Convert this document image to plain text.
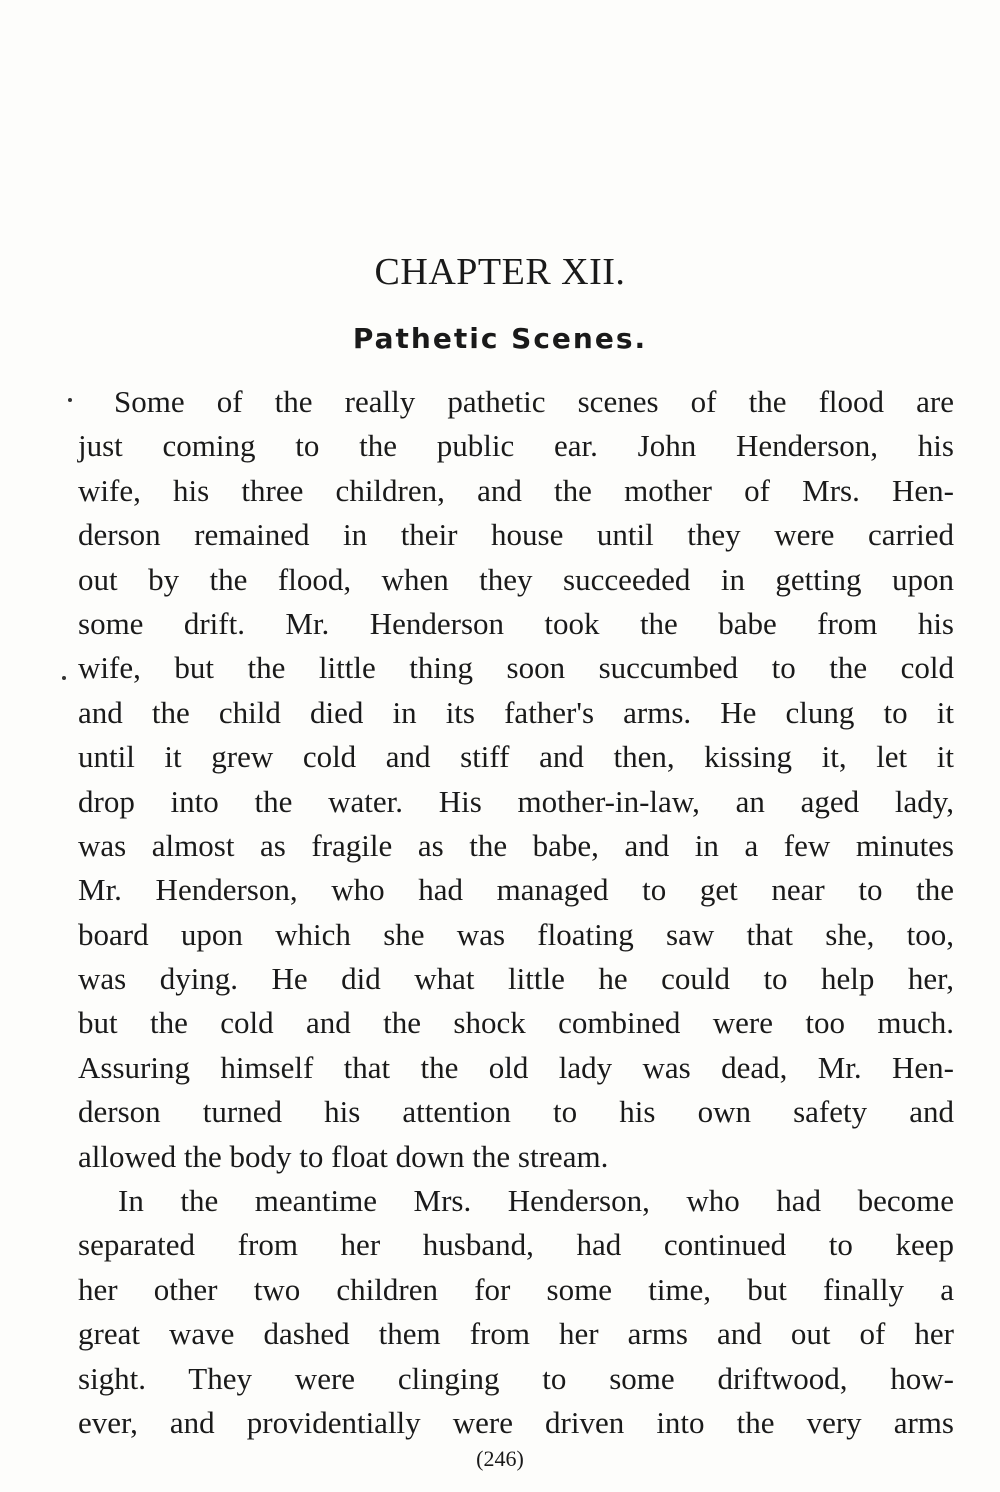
CHAPTER XII.
Pathetic Scenes.
Some of the really pathetic scenes of the flood are
just coming to the public ear. John Henderson, his
wife, his three children, and the mother of Mrs. Hen-
derson remained in their house until they were carried
out by the flood, when they succeeded in getting upon
some drift. Mr. Henderson took the babe from his
wife, but the little thing soon succumbed to the cold
and the child died in its father's arms. He clung to it
until it grew cold and stiff and then, kissing it, let it
drop into the water. His mother-in-law, an aged lady,
was almost as fragile as the babe, and in a few minutes
Mr. Henderson, who had managed to get near to the
board upon which she was floating saw that she, too,
was dying. He did what little he could to help her,
but the cold and the shock combined were too much.
Assuring himself that the old lady was dead, Mr. Hen-
derson turned his attention to his own safety and
allowed the body to float down the stream.
In the meantime Mrs. Henderson, who had become
separated from her husband, had continued to keep
her other two children for some time, but finally a
great wave dashed them from her arms and out of her
sight. They were clinging to some driftwood, how-
ever, and providentially were driven into the very arms
(246)
